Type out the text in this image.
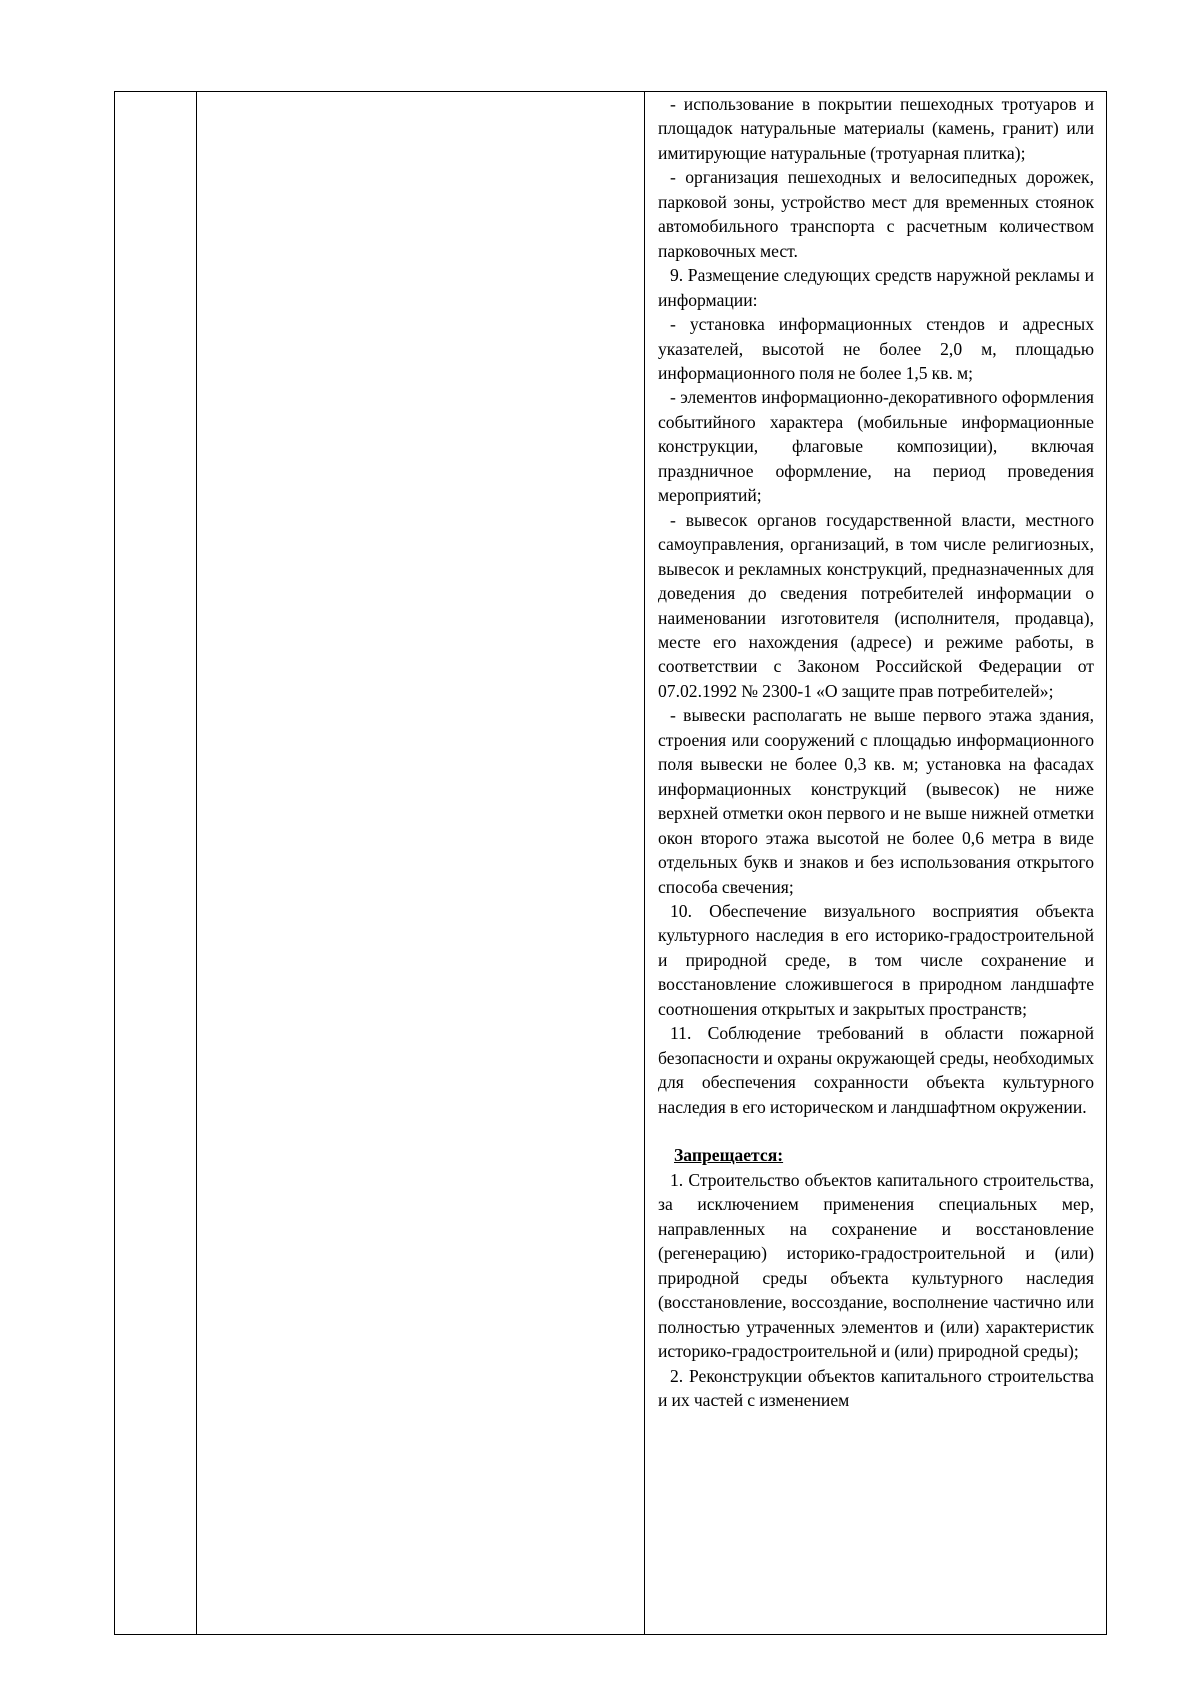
- использование в покрытии пешеходных тротуаров и площадок натуральные материалы (камень, гранит) или имитирующие натуральные (тротуарная плитка);

- организация пешеходных и велосипедных дорожек, парковой зоны, устройство мест для временных стоянок автомобильного транспорта с расчетным количеством парковочных мест.

9. Размещение следующих средств наружной рекламы и информации:

- установка информационных стендов и адресных указателей, высотой не более 2,0 м, площадью информационного поля не более 1,5 кв. м;

- элементов информационно-декоративного оформления событийного характера (мобильные информационные конструкции, флаговые композиции), включая праздничное оформление, на период проведения мероприятий;

- вывесок органов государственной власти, местного самоуправления, организаций, в том числе религиозных, вывесок и рекламных конструкций, предназначенных для доведения до сведения потребителей информации о наименовании изготовителя (исполнителя, продавца), месте его нахождения (адресе) и режиме работы, в соответствии с Законом Российской Федерации от 07.02.1992 № 2300-1 «О защите прав потребителей»;

- вывески располагать не выше первого этажа здания, строения или сооружений с площадью информационного поля вывески не более 0,3 кв. м; установка на фасадах информационных конструкций (вывесок) не ниже верхней отметки окон первого и не выше нижней отметки окон второго этажа высотой не более 0,6 метра в виде отдельных букв и знаков и без использования открытого способа свечения;

10. Обеспечение визуального восприятия объекта культурного наследия в его историко-градостроительной и природной среде, в том числе сохранение и восстановление сложившегося в природном ландшафте соотношения открытых и закрытых пространств;

11. Соблюдение требований в области пожарной безопасности и охраны окружающей среды, необходимых для обеспечения сохранности объекта культурного наследия в его историческом и ландшафтном окружении.

Запрещается:

1. Строительство объектов капитального строительства, за исключением применения специальных мер, направленных на сохранение и восстановление (регенерацию) историко-градостроительной и (или) природной среды объекта культурного наследия (восстановление, воссоздание, восполнение частично или полностью утраченных элементов и (или) характеристик историко-градостроительной и (или) природной среды);

2. Реконструкции объектов капитального строительства и их частей с изменением
